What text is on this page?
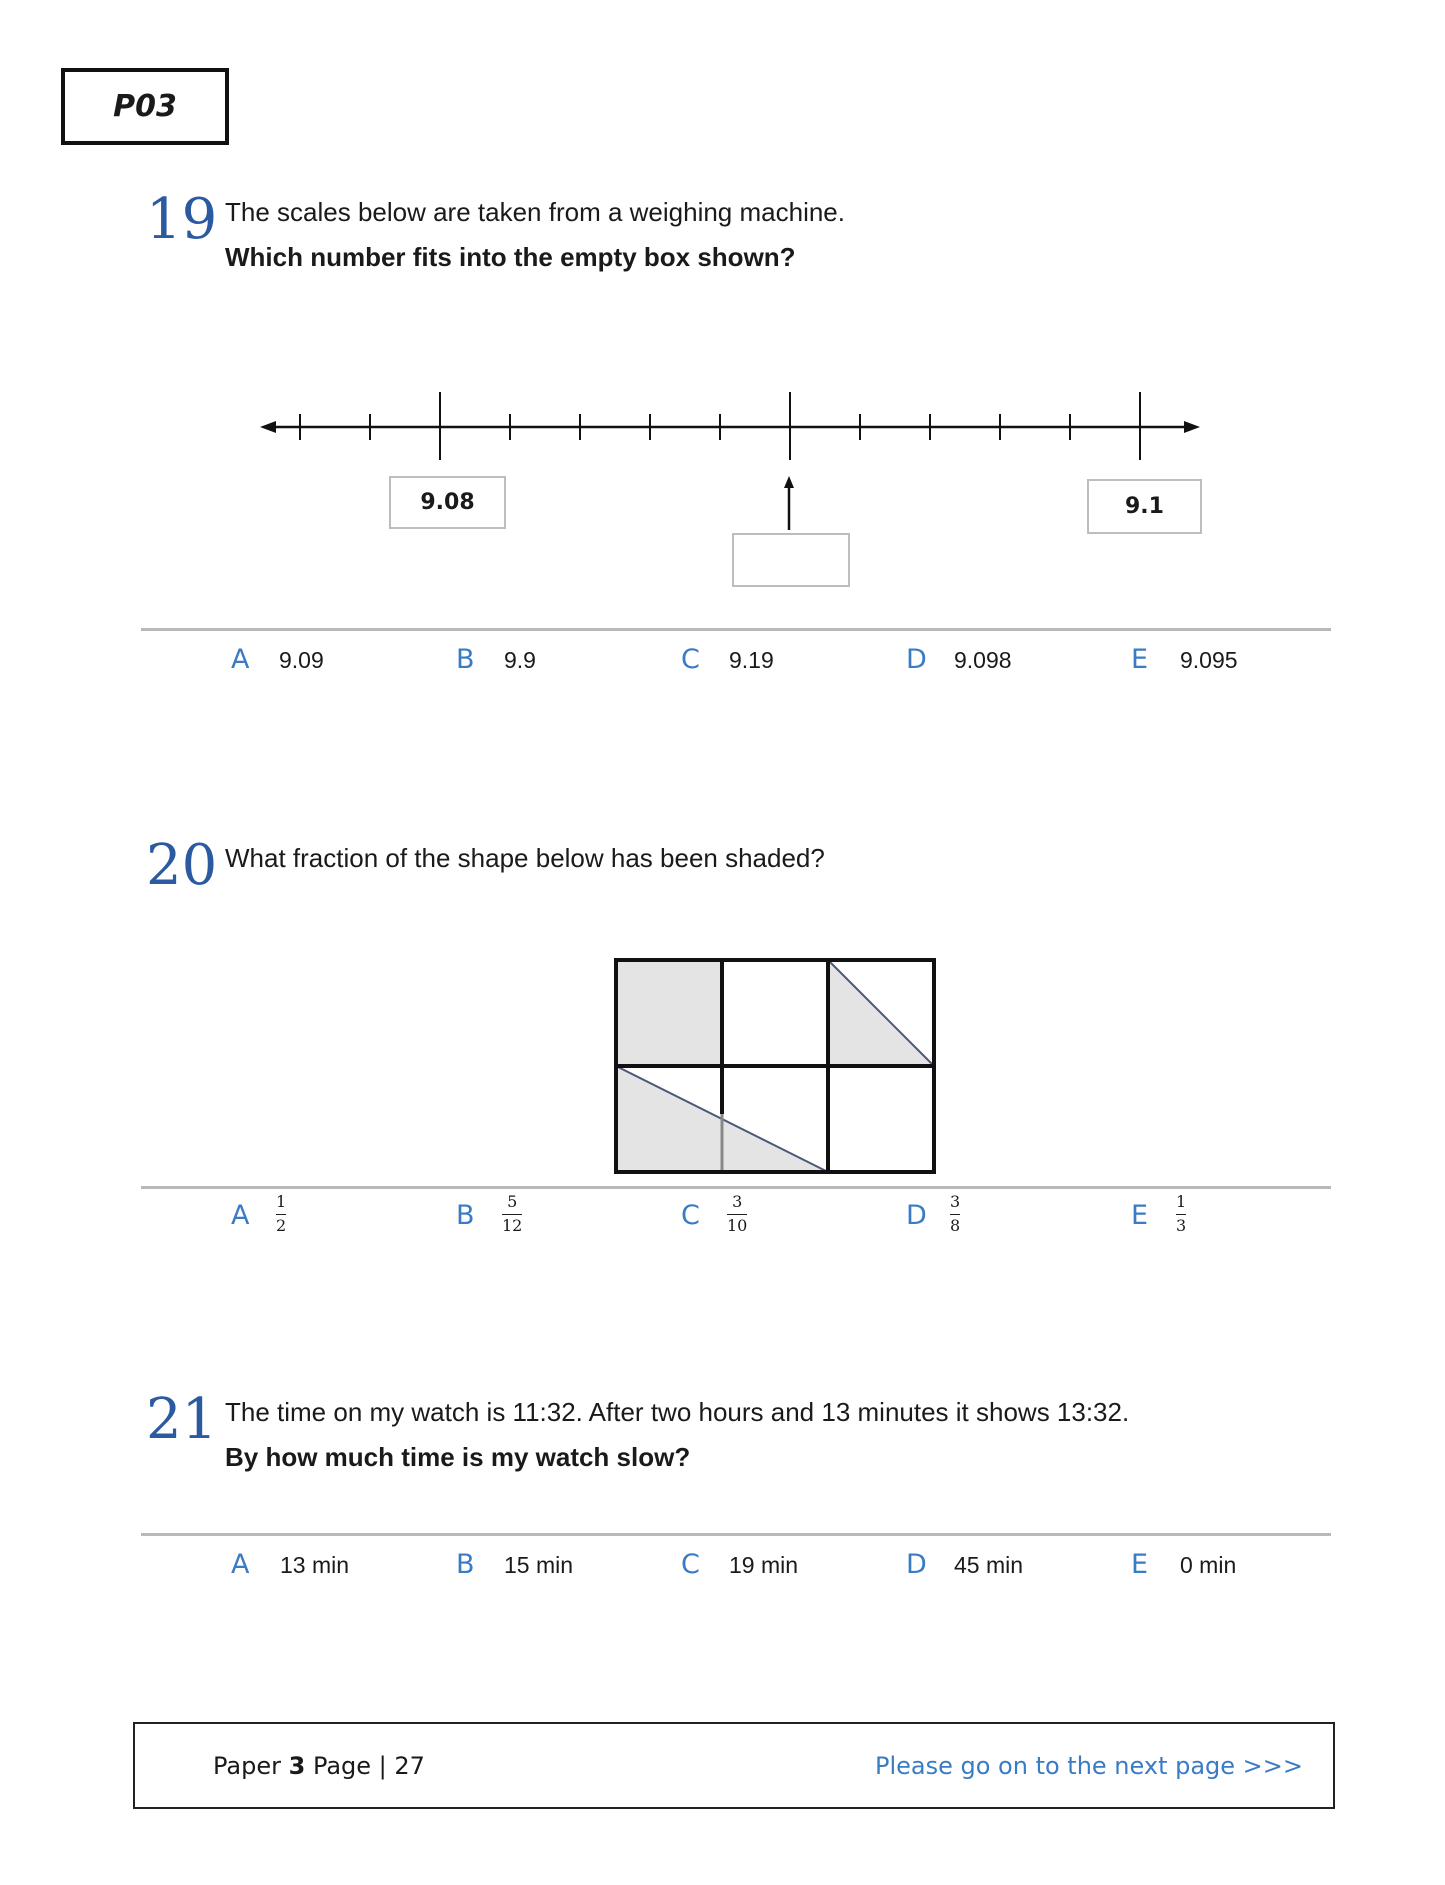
P03
19 The scales below are taken from a weighing machine.
Which number fits into the empty box shown?
9.08	9.1
A 9.09	B 9.9	C 9.19	D 9.098	E 9.095
20 What fraction of the shape below has been shaded?
A 1
2	B 5
12	C 3
10	D 3
8	E 1
3
21 The time on my watch is 11:32. After two hours and 13 minutes it shows 13:32.
By how much time is my watch slow?
A 13 min	B 15 min	C 19 min	D 45 min	E 0 min
Paper 3 Page | 27	Please go on to the next page >>>
